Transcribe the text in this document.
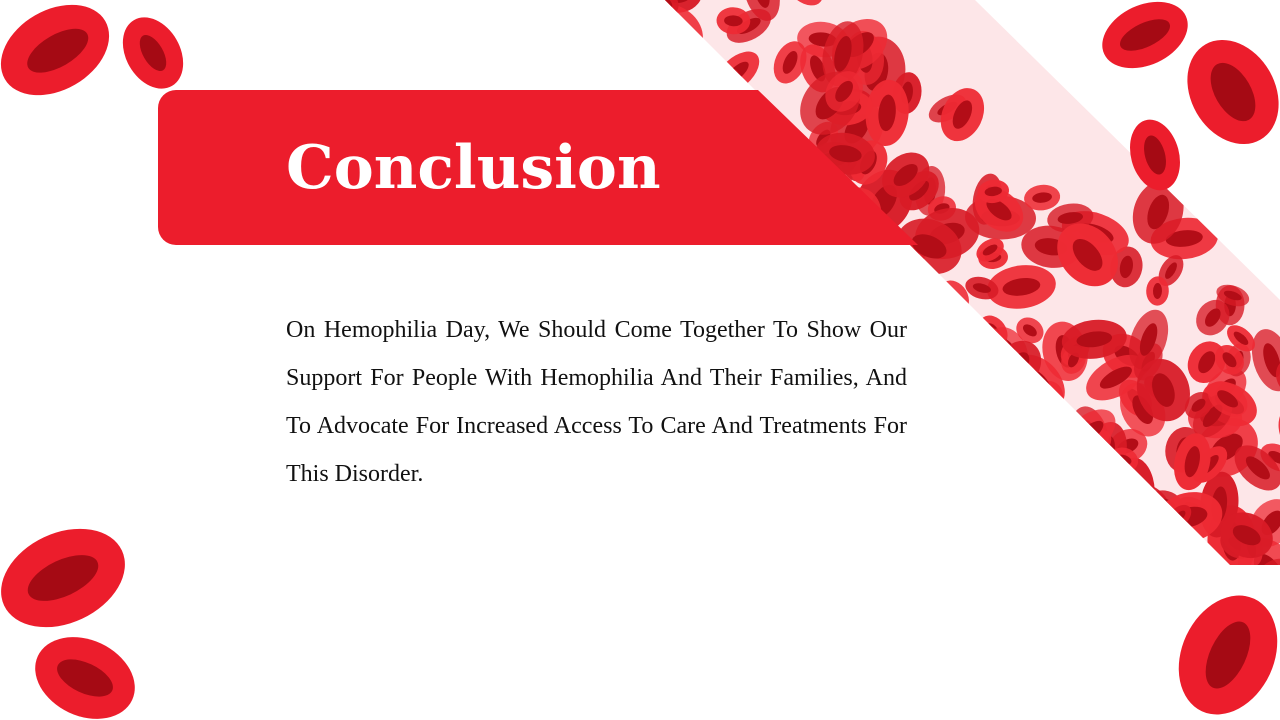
Conclusion
On Hemophilia Day, We Should Come Together To Show Our Support For People With Hemophilia And Their Families, And To Advocate For Increased Access To Care And Treatments For This Disorder.
